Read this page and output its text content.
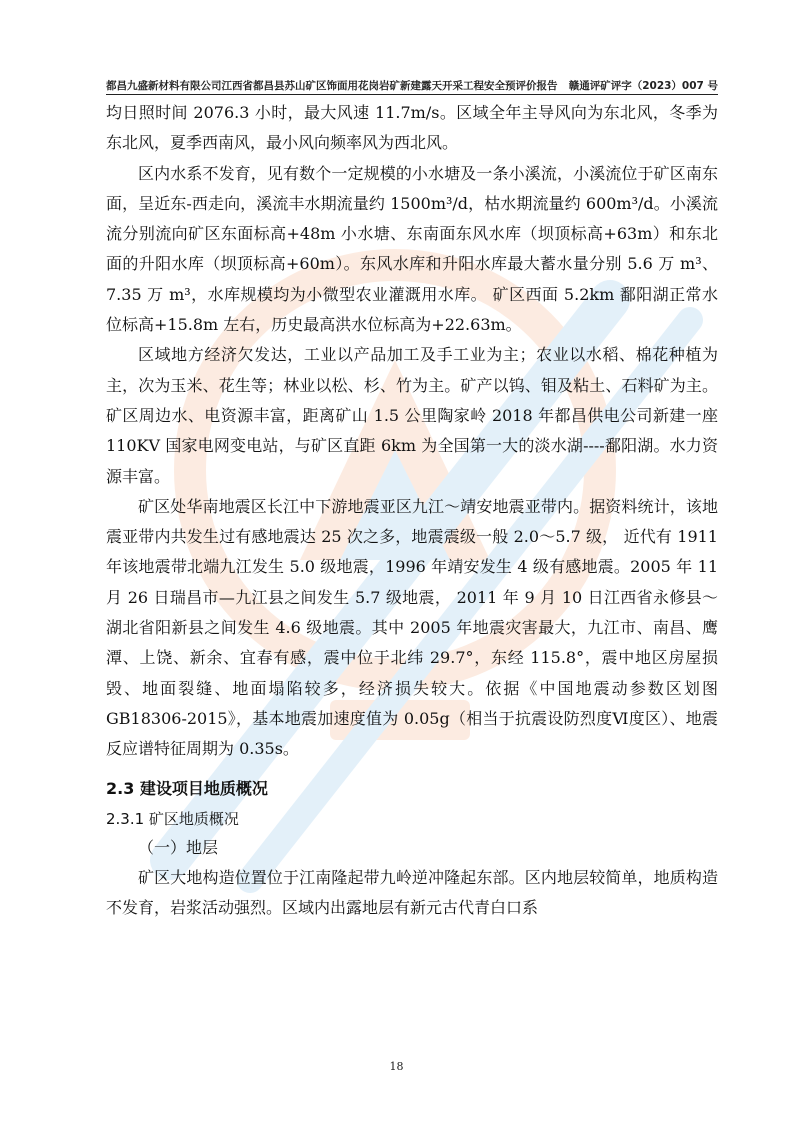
都昌九盛新材料有限公司江西省都昌县苏山矿区饰面用花岗岩矿新建露天开采工程安全预评价报告 赣通评矿评字（2023）007 号

均日照时间 2076.3 小时，最大风速 11.7m/s。区域全年主导风向为东北风，冬季为东北风，夏季西南风，最小风向频率风为西北风。

区内水系不发育，见有数个一定规模的小水塘及一条小溪流，小溪流位于矿区南东面，呈近东-西走向，溪流丰水期流量约 1500m³/d，枯水期流量约 600m³/d。小溪流流分别流向矿区东面标高+48m 小水塘、东南面东风水库（坝顶标高+63m）和东北面的升阳水库（坝顶标高+60m）。东风水库和升阳水库最大蓄水量分别 5.6 万 m³、7.35 万 m³，水库规模均为小微型农业灌溉用水库。 矿区西面 5.2km 鄱阳湖正常水位标高+15.8m 左右，历史最高洪水位标高为+22.63m。

区域地方经济欠发达，工业以产品加工及手工业为主；农业以水稻、棉花种植为主，次为玉米、花生等；林业以松、杉、竹为主。矿产以钨、钼及粘土、石料矿为主。矿区周边水、电资源丰富，距离矿山 1.5 公里陶家岭 2018 年都昌供电公司新建一座 110KV 国家电网变电站，与矿区直距 6km 为全国第一大的淡水湖----鄱阳湖。水力资源丰富。

矿区处华南地震区长江中下游地震亚区九江～靖安地震亚带内。据资料统计，该地震亚带内共发生过有感地震达 25 次之多，地震震级一般 2.0～5.7 级， 近代有 1911 年该地震带北端九江发生 5.0 级地震，1996 年靖安发生 4 级有感地震。2005 年 11 月 26 日瑞昌市—九江县之间发生 5.7 级地震， 2011 年 9 月 10 日江西省永修县～湖北省阳新县之间发生 4.6 级地震。其中 2005 年地震灾害最大，九江市、南昌、鹰潭、上饶、新余、宜春有感，震中位于北纬 29.7°，东经 115.8°，震中地区房屋损毁、地面裂缝、地面塌陷较多，经济损失较大。依据《中国地震动参数区划图 GB18306-2015》，基本地震加速度值为 0.05g（相当于抗震设防烈度Ⅵ度区）、地震反应谱特征周期为 0.35s。

2.3 建设项目地质概况

2.3.1 矿区地质概况

（一）地层

矿区大地构造位置位于江南隆起带九岭逆冲隆起东部。区内地层较简单，地质构造不发育，岩浆活动强烈。区域内出露地层有新元古代青白口系

18
